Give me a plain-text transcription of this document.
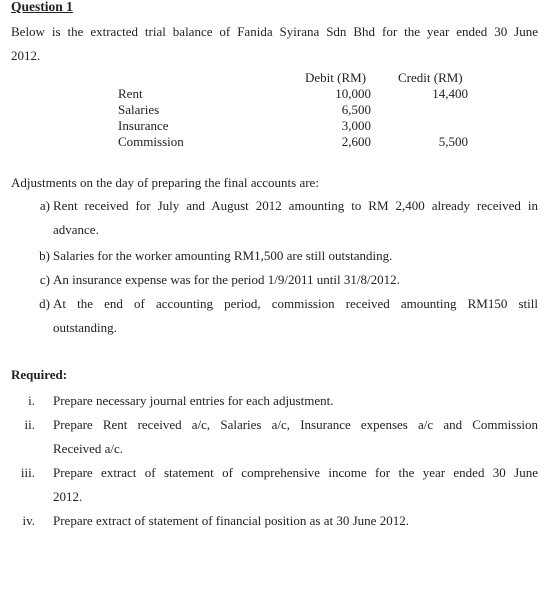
Question 1
Below is the extracted trial balance of Fanida Syirana Sdn Bhd for the year ended 30 June
2012.
Debit (RM) Credit (RM)
Rent	10,000	14,400
Salaries	6,500
Insurance	3,000
Commission	2,600	5,500
Adjustments on the day of preparing the final accounts are:
a) Rent received for July and August 2012 amounting to RM 2,400 already received in
advance.
b) Salaries for the worker amounting RM1,500 are still outstanding.
c) An insurance expense was for the period 1/9/2011 until 31/8/2012.
d) At the end of accounting period, commission received amounting RM150 still
outstanding.
Required:
i. Prepare necessary journal entries for each adjustment.
ii. Prepare Rent received a/c, Salaries a/c, Insurance expenses a/c and Commission
Received a/c.
iii. Prepare extract of statement of comprehensive income for the year ended 30 June
2012.
iv. Prepare extract of statement of financial position as at 30 June 2012.
